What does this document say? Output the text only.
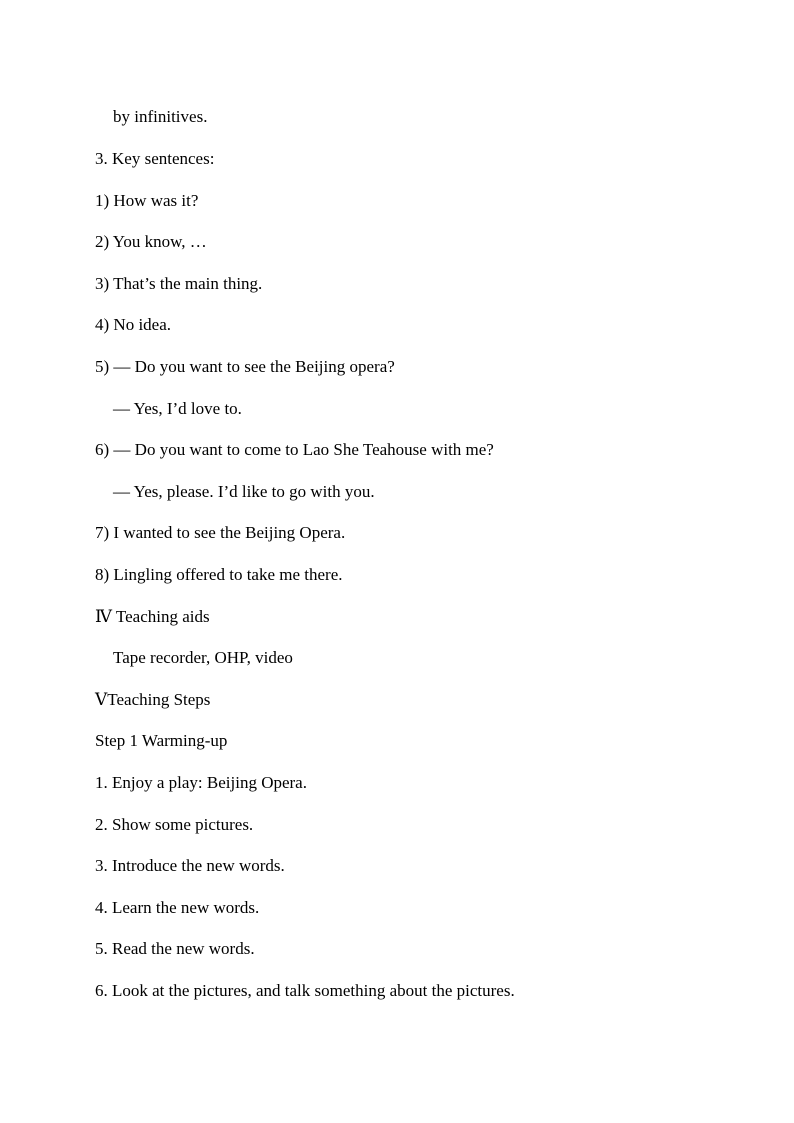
by infinitives.
3. Key sentences:
1) How was it?
2) You know, …
3) That’s the main thing.
4) No idea.
5) — Do you want to see the Beijing opera?
— Yes, I’d love to.
6) — Do you want to come to Lao She Teahouse with me?
— Yes, please. I’d like to go with you.
7) I wanted to see the Beijing Opera.
8) Lingling offered to take me there.
Ⅳ Teaching aids
Tape recorder, OHP, video
ⅤTeaching Steps
Step 1 Warming-up
1. Enjoy a play: Beijing Opera.
2. Show some pictures.
3. Introduce the new words.
4. Learn the new words.
5. Read the new words.
6. Look at the pictures, and talk something about the pictures.
